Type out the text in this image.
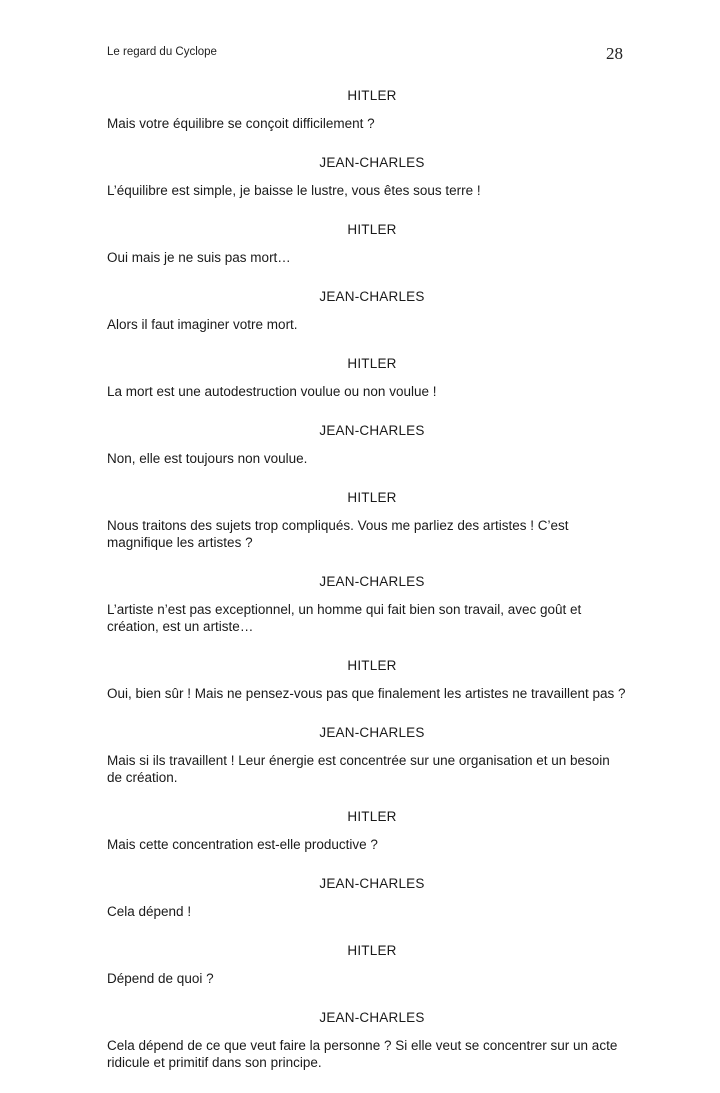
Le regard du Cyclope	28
HITLER
Mais votre équilibre se conçoit difficilement ?
JEAN-CHARLES
L’équilibre est simple, je baisse le lustre, vous êtes sous terre !
HITLER
Oui mais je ne suis pas mort…
JEAN-CHARLES
Alors il faut imaginer votre mort.
HITLER
La mort est une autodestruction voulue ou non voulue !
JEAN-CHARLES
Non, elle est toujours non voulue.
HITLER
Nous traitons des sujets trop compliqués. Vous me parliez des artistes ! C’est magnifique les artistes ?
JEAN-CHARLES
L’artiste n’est pas exceptionnel, un homme qui fait bien son travail, avec goût et création, est un artiste…
HITLER
Oui, bien sûr ! Mais ne pensez-vous pas que finalement les artistes ne travaillent pas ?
JEAN-CHARLES
Mais si ils travaillent ! Leur énergie est concentrée sur une organisation et un besoin de création.
HITLER
Mais cette concentration est-elle productive ?
JEAN-CHARLES
Cela dépend !
HITLER
Dépend de quoi ?
JEAN-CHARLES
Cela dépend de ce que veut faire la personne ? Si elle veut se concentrer sur un acte ridicule et primitif dans son principe.
